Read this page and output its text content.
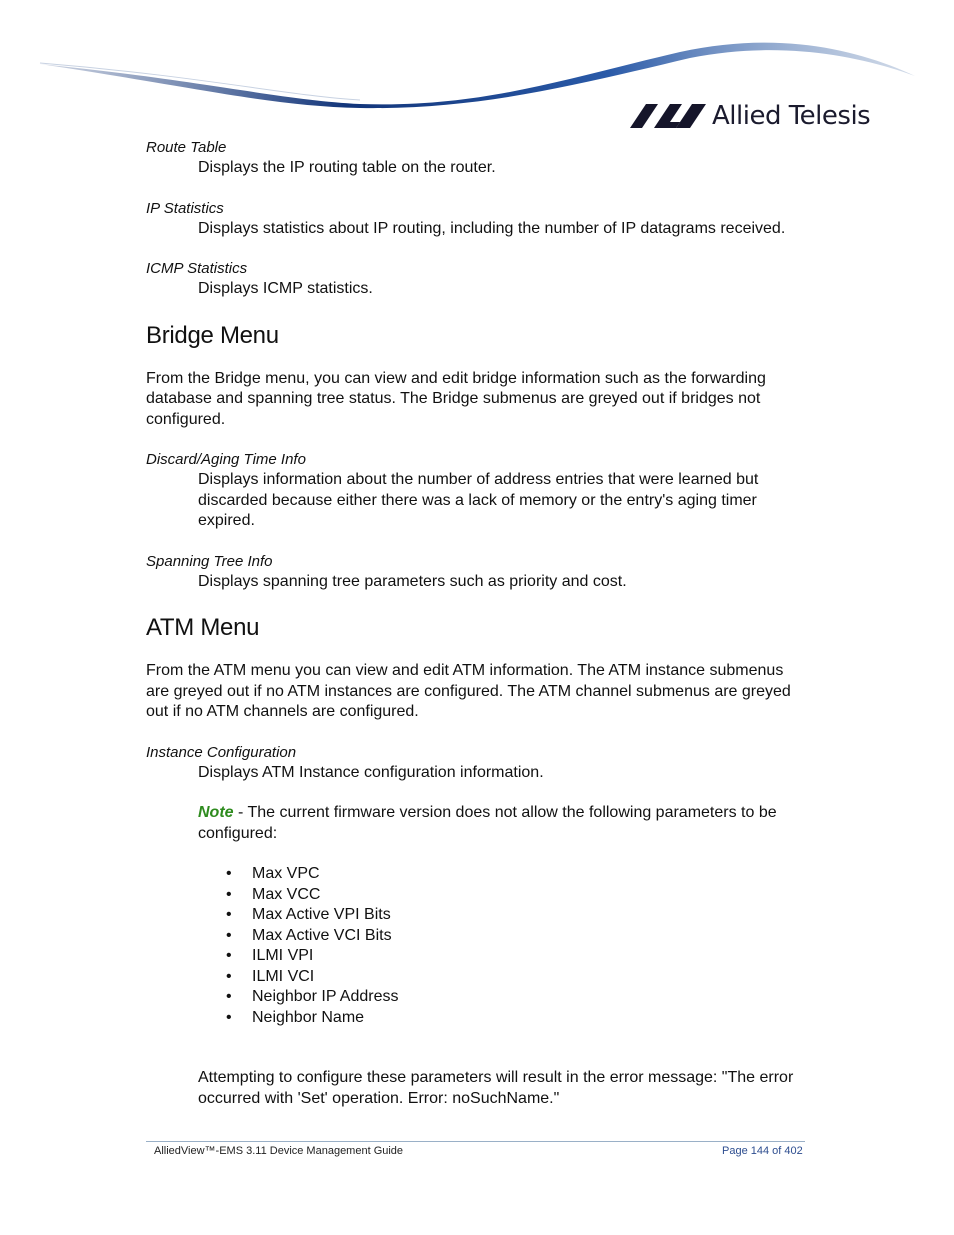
Allied Telesis

Route Table

Displays the IP routing table on the router.

IP Statistics

Displays statistics about IP routing, including the number of IP datagrams received.

ICMP Statistics

Displays ICMP statistics.

Bridge Menu

From the Bridge menu, you can view and edit bridge information such as the forwarding database and spanning tree status. The Bridge submenus are greyed out if bridges not configured.

Discard/Aging Time Info

Displays information about the number of address entries that were learned but discarded because either there was a lack of memory or the entry's aging timer expired.

Spanning Tree Info

Displays spanning tree parameters such as priority and cost.

ATM Menu

From the ATM menu you can view and edit ATM information. The ATM instance submenus are greyed out if no ATM instances are configured. The ATM channel submenus are greyed out if no ATM channels are configured.

Instance Configuration

Displays ATM Instance configuration information.

Note - The current firmware version does not allow the following parameters to be configured:

• Max VPC
• Max VCC
• Max Active VPI Bits
• Max Active VCI Bits
• ILMI VPI
• ILMI VCI
• Neighbor IP Address
• Neighbor Name

Attempting to configure these parameters will result in the error message: "The error occurred with 'Set' operation. Error: noSuchName."

AlliedView™-EMS 3.11 Device Management Guide	Page 144 of 402
